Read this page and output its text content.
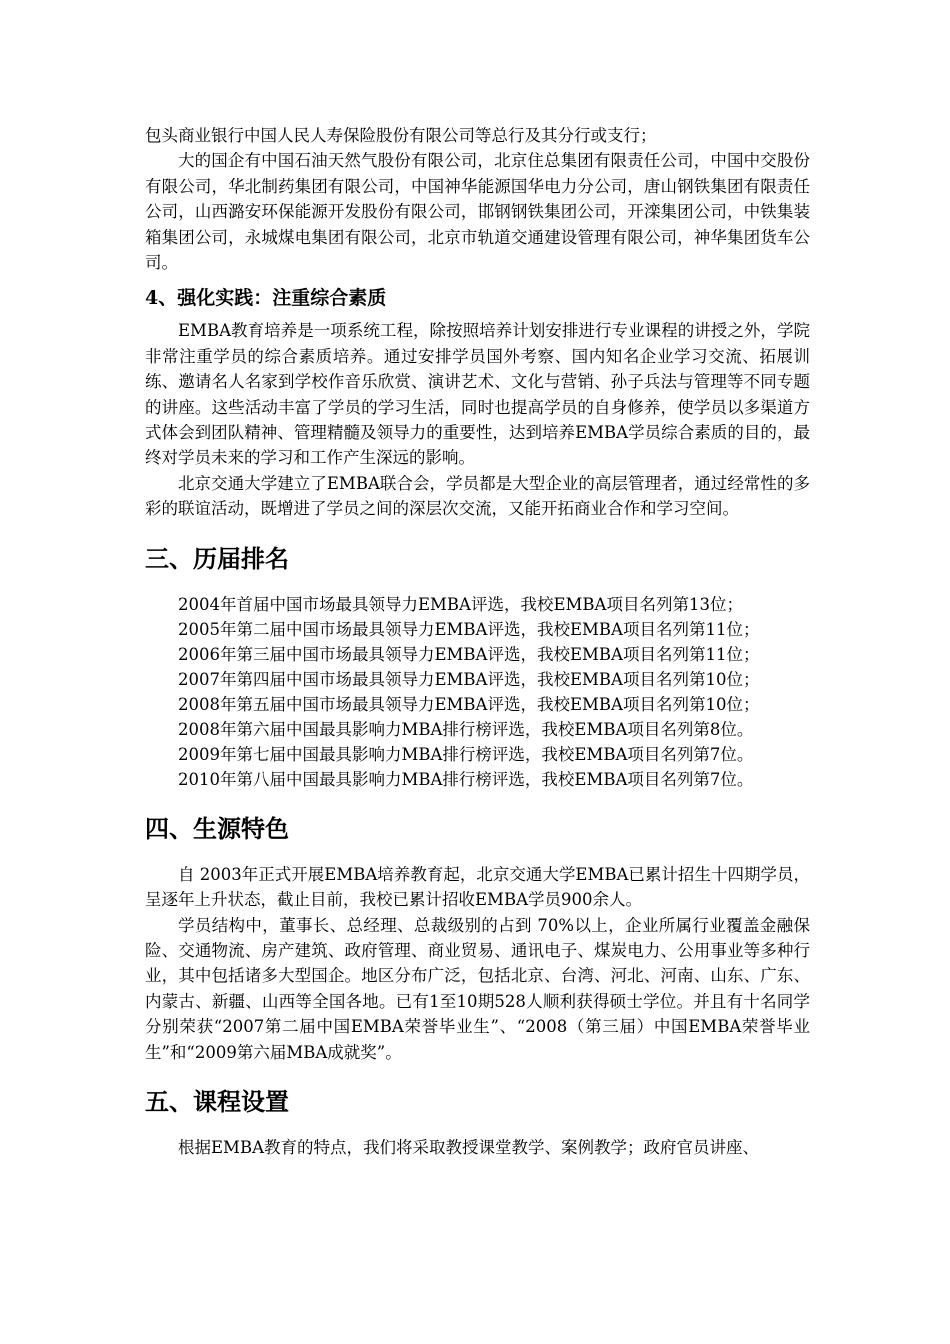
包头商业银行中国人民人寿保险股份有限公司等总行及其分行或支行；

大的国企有中国石油天然气股份有限公司，北京住总集团有限责任公司，中国中交股份有限公司，华北制药集团有限公司，中国神华能源国华电力分公司，唐山钢铁集团有限责任公司，山西潞安环保能源开发股份有限公司，邯钢钢铁集团公司，开滦集团公司，中铁集装箱集团公司，永城煤电集团有限公司，北京市轨道交通建设管理有限公司，神华集团货车公司。

4、强化实践：注重综合素质

EMBA教育培养是一项系统工程，除按照培养计划安排进行专业课程的讲授之外，学院非常注重学员的综合素质培养。通过安排学员国外考察、国内知名企业学习交流、拓展训练、邀请名人名家到学校作音乐欣赏、演讲艺术、文化与营销、孙子兵法与管理等不同专题的讲座。这些活动丰富了学员的学习生活，同时也提高学员的自身修养，使学员以多渠道方式体会到团队精神、管理精髓及领导力的重要性，达到培养EMBA学员综合素质的目的，最终对学员未来的学习和工作产生深远的影响。

北京交通大学建立了EMBA联合会，学员都是大型企业的高层管理者，通过经常性的多彩的联谊活动，既增进了学员之间的深层次交流，又能开拓商业合作和学习空间。

三、历届排名
2004年首届中国市场最具领导力EMBA评选，我校EMBA项目名列第13位；
2005年第二届中国市场最具领导力EMBA评选，我校EMBA项目名列第11位；
2006年第三届中国市场最具领导力EMBA评选，我校EMBA项目名列第11位；
2007年第四届中国市场最具领导力EMBA评选，我校EMBA项目名列第10位；
2008年第五届中国市场最具领导力EMBA评选，我校EMBA项目名列第10位；
2008年第六届中国最具影响力MBA排行榜评选，我校EMBA项目名列第8位。
2009年第七届中国最具影响力MBA排行榜评选，我校EMBA项目名列第7位。
2010年第八届中国最具影响力MBA排行榜评选，我校EMBA项目名列第7位。
四、生源特色

自 2003年正式开展EMBA培养教育起，北京交通大学EMBA已累计招生十四期学员，呈逐年上升状态，截止目前，我校已累计招收EMBA学员900余人。

学员结构中，董事长、总经理、总裁级别的占到 70%以上，企业所属行业覆盖金融保险、交通物流、房产建筑、政府管理、商业贸易、通讯电子、煤炭电力、公用事业等多种行业，其中包括诸多大型国企。地区分布广泛，包括北京、台湾、河北、河南、山东、广东、内蒙古、新疆、山西等全国各地。已有1至10期528人顺利获得硕士学位。并且有十名同学分别荣获“2007第二届中国EMBA荣誉毕业生”、“2008（第三届）中国EMBA荣誉毕业生”和“2009第六届MBA成就奖”。

五、课程设置

根据EMBA教育的特点，我们将采取教授课堂教学、案例教学；政府官员讲座、
